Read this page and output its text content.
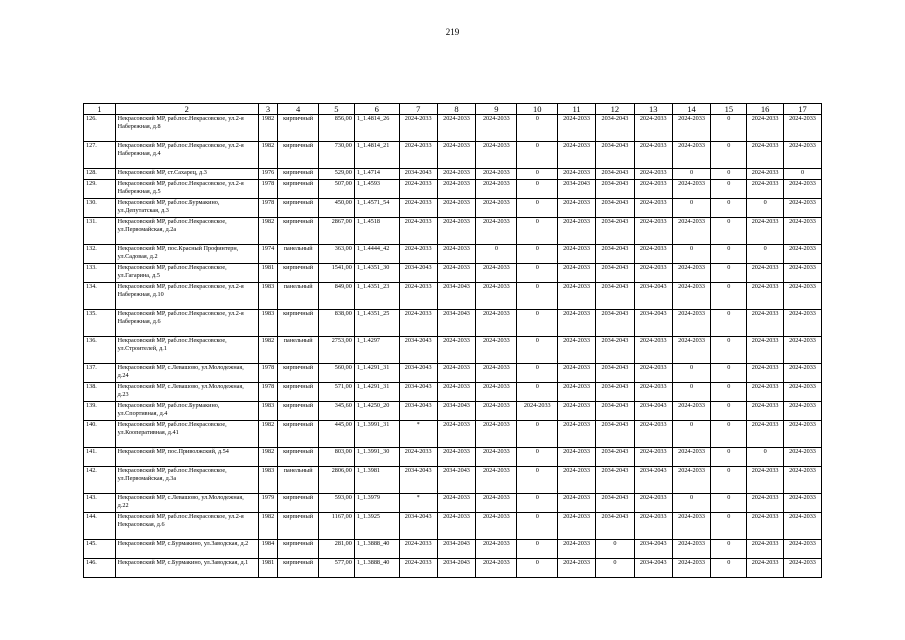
219
1	2	3	4	5	6	7	8	9	10	11	12	13	14	15	16	17
126.	Некрасовский МР, раб.пос.Некрасовское, ул.2-я Набережная, д.8	1982	кирпичный	856,00	1_1.4814_26	2024-2033	2024-2033	2024-2033	0	2024-2033	2034-2043	2024-2033	2024-2033	0	2024-2033	2024-2033
127.	Некрасовский МР, раб.пос.Некрасовское, ул.2-я Набережная, д.4	1982	кирпичный	730,00	1_1.4814_21	2024-2033	2024-2033	2024-2033	0	2024-2033	2034-2043	2024-2033	2024-2033	0	2024-2033	2024-2033
128.	Некрасовский МР, ст.Сахарец, д.3	1976	кирпичный	529,00	1_1.4714	2034-2043	2024-2033	2024-2033	0	2024-2033	2034-2043	2024-2033	0	0	2024-2033	0
129.	Некрасовский МР, раб.пос.Некрасовское, ул.2-я Набережная, д.5	1978	кирпичный	507,00	1_1.4593	2024-2033	2024-2033	2024-2033	0	2034-2043	2034-2043	2024-2033	2024-2033	0	2024-2033	2024-2033
130.	Некрасовский МР, раб.пос.Бурмакино, ул.Депутатская, д.3	1978	кирпичный	450,00	1_1.4571_54	2024-2033	2024-2033	2024-2033	0	2024-2033	2034-2043	2024-2033	0	0	0	2024-2033
131.	Некрасовский МР, раб.пос.Некрасовское, ул.Первомайская, д.2а	1982	кирпичный	2867,00	1_1.4518	2024-2033	2024-2033	2024-2033	0	2024-2033	2034-2043	2024-2033	2024-2033	0	2024-2033	2024-2033
132.	Некрасовский МР, пос.Красный Профинтерн, ул.Садовая, д.2	1974	панельный	363,00	1_1.4444_42	2024-2033	2024-2033	0	0	2024-2033	2034-2043	2024-2033	0	0	0	2024-2033
133.	Некрасовский МР, раб.пос.Некрасовское, ул.Гагарина, д.5	1981	кирпичный	1541,00	1_1.4351_30	2034-2043	2024-2033	2024-2033	0	2024-2033	2034-2043	2024-2033	2024-2033	0	2024-2033	2024-2033
134.	Некрасовский МР, раб.пос.Некрасовское, ул.2-я Набережная, д.10	1983	панельный	849,00	1_1.4351_23	2024-2033	2034-2043	2024-2033	0	2024-2033	2034-2043	2034-2043	2024-2033	0	2024-2033	2024-2033
135.	Некрасовский МР, раб.пос.Некрасовское, ул.2-я Набережная, д.6	1983	кирпичный	838,00	1_1.4351_25	2024-2033	2034-2043	2024-2033	0	2024-2033	2034-2043	2034-2043	2024-2033	0	2024-2033	2024-2033
136.	Некрасовский МР, раб.пос.Некрасовское, ул.Строителей, д.1	1982	панельный	2753,00	1_1.4297	2034-2043	2024-2033	2024-2033	0	2024-2033	2034-2043	2024-2033	2024-2033	0	2024-2033	2024-2033
137.	Некрасовский МР, с.Левашово, ул.Молодежная, д.24	1978	кирпичный	560,00	1_1.4291_31	2034-2043	2024-2033	2024-2033	0	2024-2033	2034-2043	2024-2033	0	0	2024-2033	2024-2033
138.	Некрасовский МР, с.Левашово, ул.Молодежная, д.23	1978	кирпичный	571,00	1_1.4291_31	2034-2043	2024-2033	2024-2033	0	2024-2033	2034-2043	2024-2033	0	0	2024-2033	2024-2033
139.	Некрасовский МР, раб.пос.Бурмакино, ул.Спортивная, д.4	1983	кирпичный	345,60	1_1.4250_20	2034-2043	2034-2043	2024-2033	2024-2033	2024-2033	2034-2043	2034-2043	2024-2033	0	2024-2033	2024-2033
140.	Некрасовский МР, раб.пос.Некрасовское, ул.Кооперативная, д.41	1982	кирпичный	445,00	1_1.3991_31	*	2024-2033	2024-2033	0	2024-2033	2034-2043	2024-2033	0	0	2024-2033	2024-2033
141.	Некрасовский МР, пос.Приволжский, д.54	1982	кирпичный	803,00	1_1.3991_30	2024-2033	2024-2033	2024-2033	0	2024-2033	2034-2043	2024-2033	2024-2033	0	0	2024-2033
142.	Некрасовский МР, раб.пос.Некрасовское, ул.Первомайская, д.3а	1983	панельный	2806,00	1_1.3981	2034-2043	2034-2043	2024-2033	0	2024-2033	2034-2043	2034-2043	2024-2033	0	2024-2033	2024-2033
143.	Некрасовский МР, с.Левашово, ул.Молодежная, д.22	1979	кирпичный	593,00	1_1.3979	*	2024-2033	2024-2033	0	2024-2033	2034-2043	2024-2033	0	0	2024-2033	2024-2033
144.	Некрасовский МР, раб.пос.Некрасовское, ул.2-я Некрасовская, д.6	1982	кирпичный	1167,00	1_1.3925	2034-2043	2024-2033	2024-2033	0	2024-2033	2034-2043	2024-2033	2024-2033	0	2024-2033	2024-2033
145.	Некрасовский МР, с.Бурмакино, ул.Заводская, д.2	1984	кирпичный	281,00	1_1.3888_40	2024-2033	2034-2043	2024-2033	0	2024-2033	0	2034-2043	2024-2033	0	2024-2033	2024-2033
146.	Некрасовский МР, с.Бурмакино, ул.Заводская, д.1	1981	кирпичный	577,00	1_1.3888_40	2024-2033	2034-2043	2024-2033	0	2024-2033	0	2034-2043	2024-2033	0	2024-2033	2024-2033
